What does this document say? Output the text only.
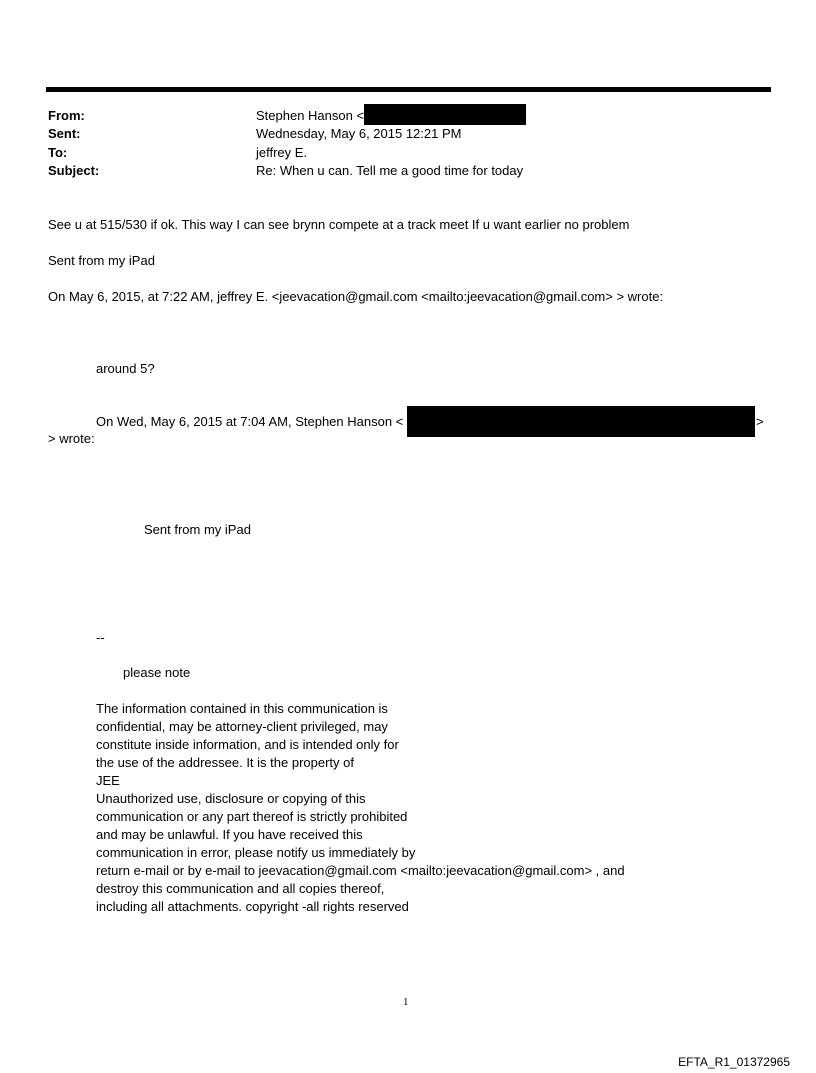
From:	Stephen Hanson <
Sent:	Wednesday, May 6, 2015 12:21 PM
To:	jeffrey E.
Subject:	Re: When u can. Tell me a good time for today
See u at 515/530 if ok. This way I can see brynn compete at a track meet If u want earlier no problem
Sent from my iPad
On May 6, 2015, at 7:22 AM, jeffrey E. <jeevacation@gmail.com <mailto:jeevacation@gmail.com> > wrote:
around 5?
On Wed, May 6, 2015 at 7:04 AM, Stephen Hanson <	>
> wrote:
Sent from my iPad
--
please note
The information contained in this communication is
confidential, may be attorney-client privileged, may
constitute inside information, and is intended only for
the use of the addressee. It is the property of
JEE
Unauthorized use, disclosure or copying of this
communication or any part thereof is strictly prohibited
and may be unlawful. If you have received this
communication in error, please notify us immediately by
return e-mail or by e-mail to jeevacation@gmail.com <mailto:jeevacation@gmail.com> , and
destroy this communication and all copies thereof,
including all attachments. copyright -all rights reserved
1
EFTA_R1_01372965
